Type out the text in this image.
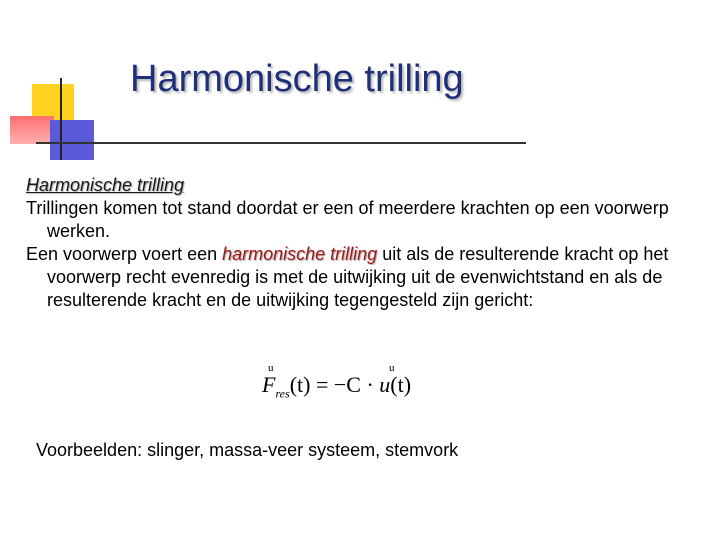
Harmonische trilling

Harmonische trilling

Trillingen komen tot stand doordat er een of meerdere krachten op een voorwerp werken.

Een voorwerp voert een harmonische trilling uit als de resulterende kracht op het voorwerp recht evenredig is met de uitwijking uit de evenwichtstand en als de resulterende kracht en de uitwijking tegengesteld zijn gericht:

u	u
$F_{res}(t) = -C \cdot u(t)$
Voorbeelden: slinger, massa-veer systeem, stemvork
